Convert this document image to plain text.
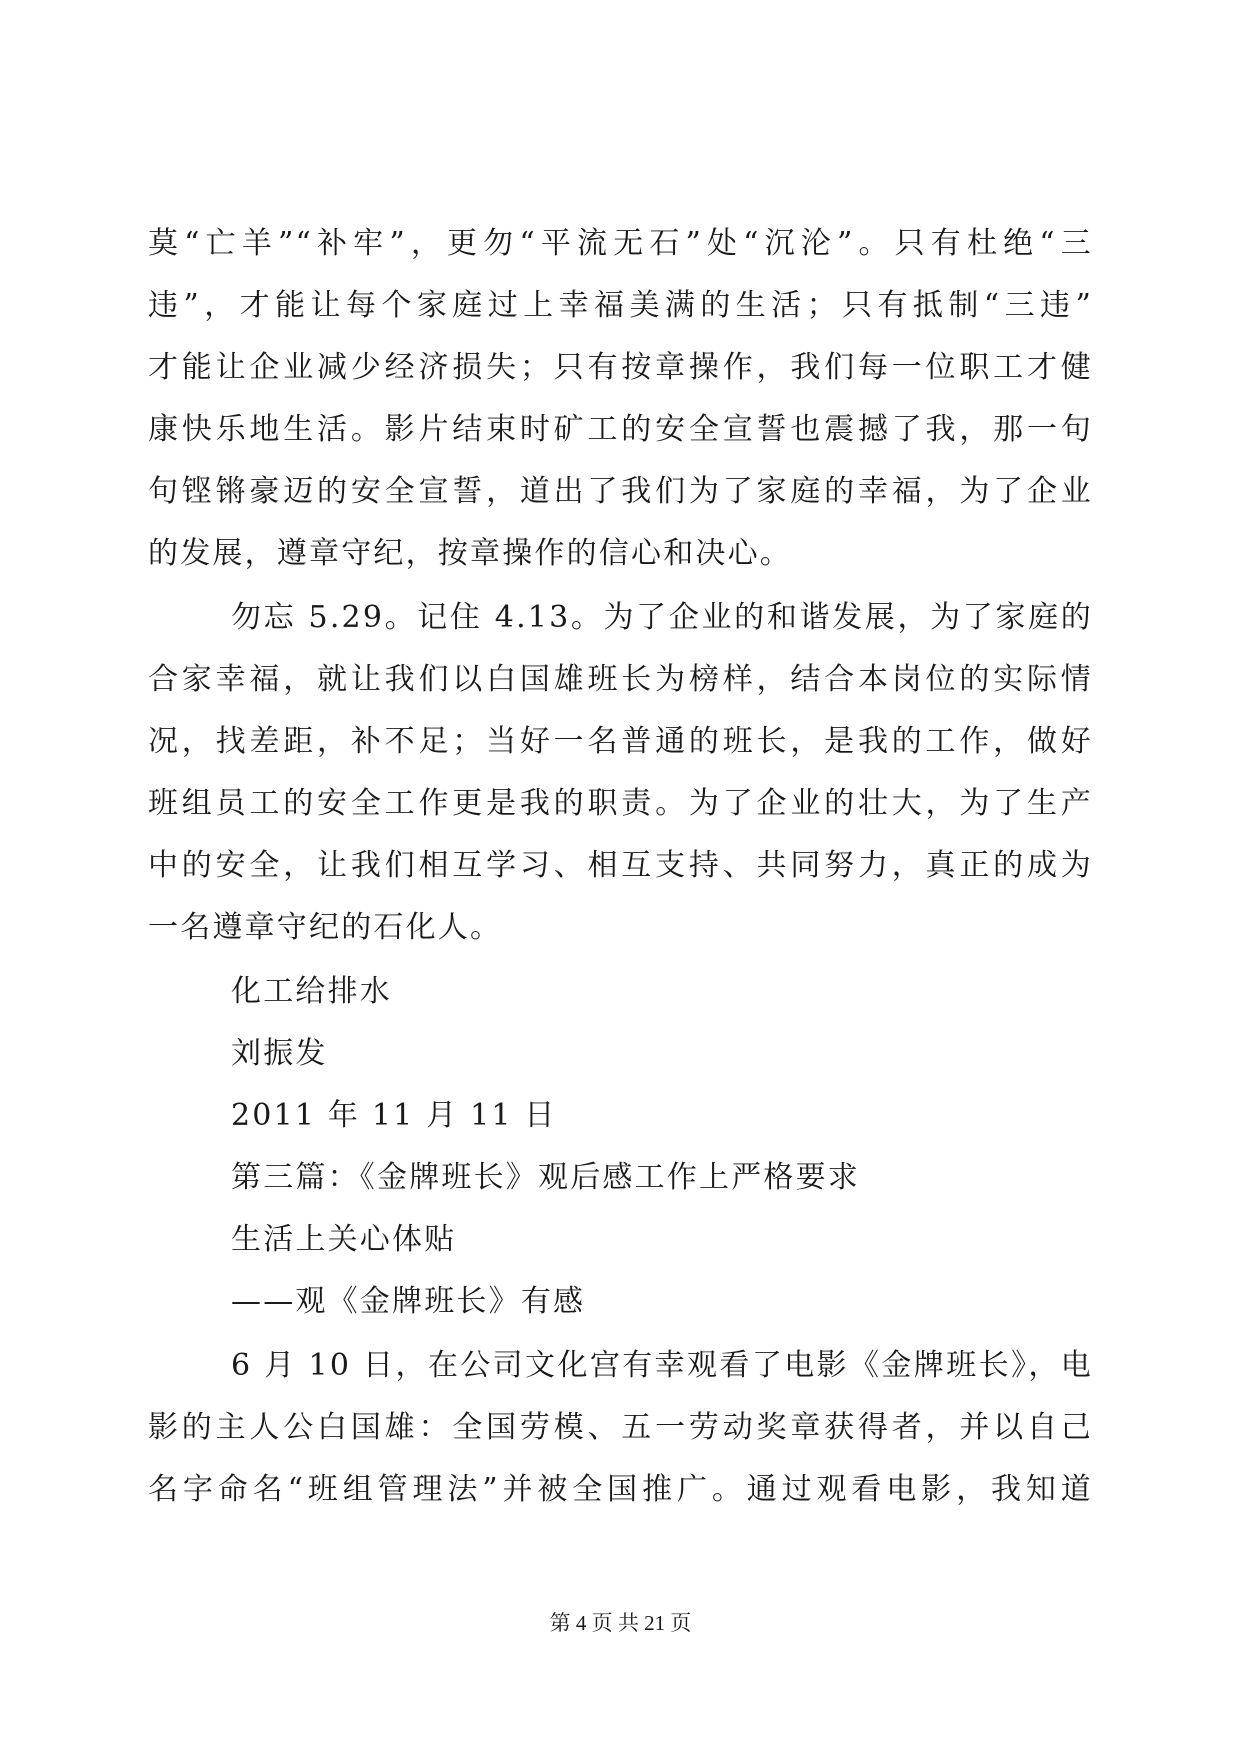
莫“亡羊”“补牢”，更勿“平流无石”处“沉沦”。只有杜绝“三
违”，才能让每个家庭过上幸福美满的生活；只有抵制“三违”
才能让企业减少经济损失；只有按章操作，我们每一位职工才健
康快乐地生活。影片结束时矿工的安全宣誓也震撼了我，那一句
句铿锵豪迈的安全宣誓，道出了我们为了家庭的幸福，为了企业
的发展，遵章守纪，按章操作的信心和决心。
勿忘 5.29。记住 4.13。为了企业的和谐发展，为了家庭的
合家幸福，就让我们以白国雄班长为榜样，结合本岗位的实际情
况，找差距，补不足；当好一名普通的班长，是我的工作，做好
班组员工的安全工作更是我的职责。为了企业的壮大，为了生产
中的安全，让我们相互学习、相互支持、共同努力，真正的成为
一名遵章守纪的石化人。
化工给排水
刘振发
2011 年 11 月 11 日
第三篇：《金牌班长》观后感工作上严格要求
生活上关心体贴
——观《金牌班长》有感
6 月 10 日，在公司文化宫有幸观看了电影《金牌班长》，电
影的主人公白国雄：全国劳模、五一劳动奖章获得者，并以自己
名字命名“班组管理法”并被全国推广。通过观看电影，我知道
第 4 页 共 21 页
